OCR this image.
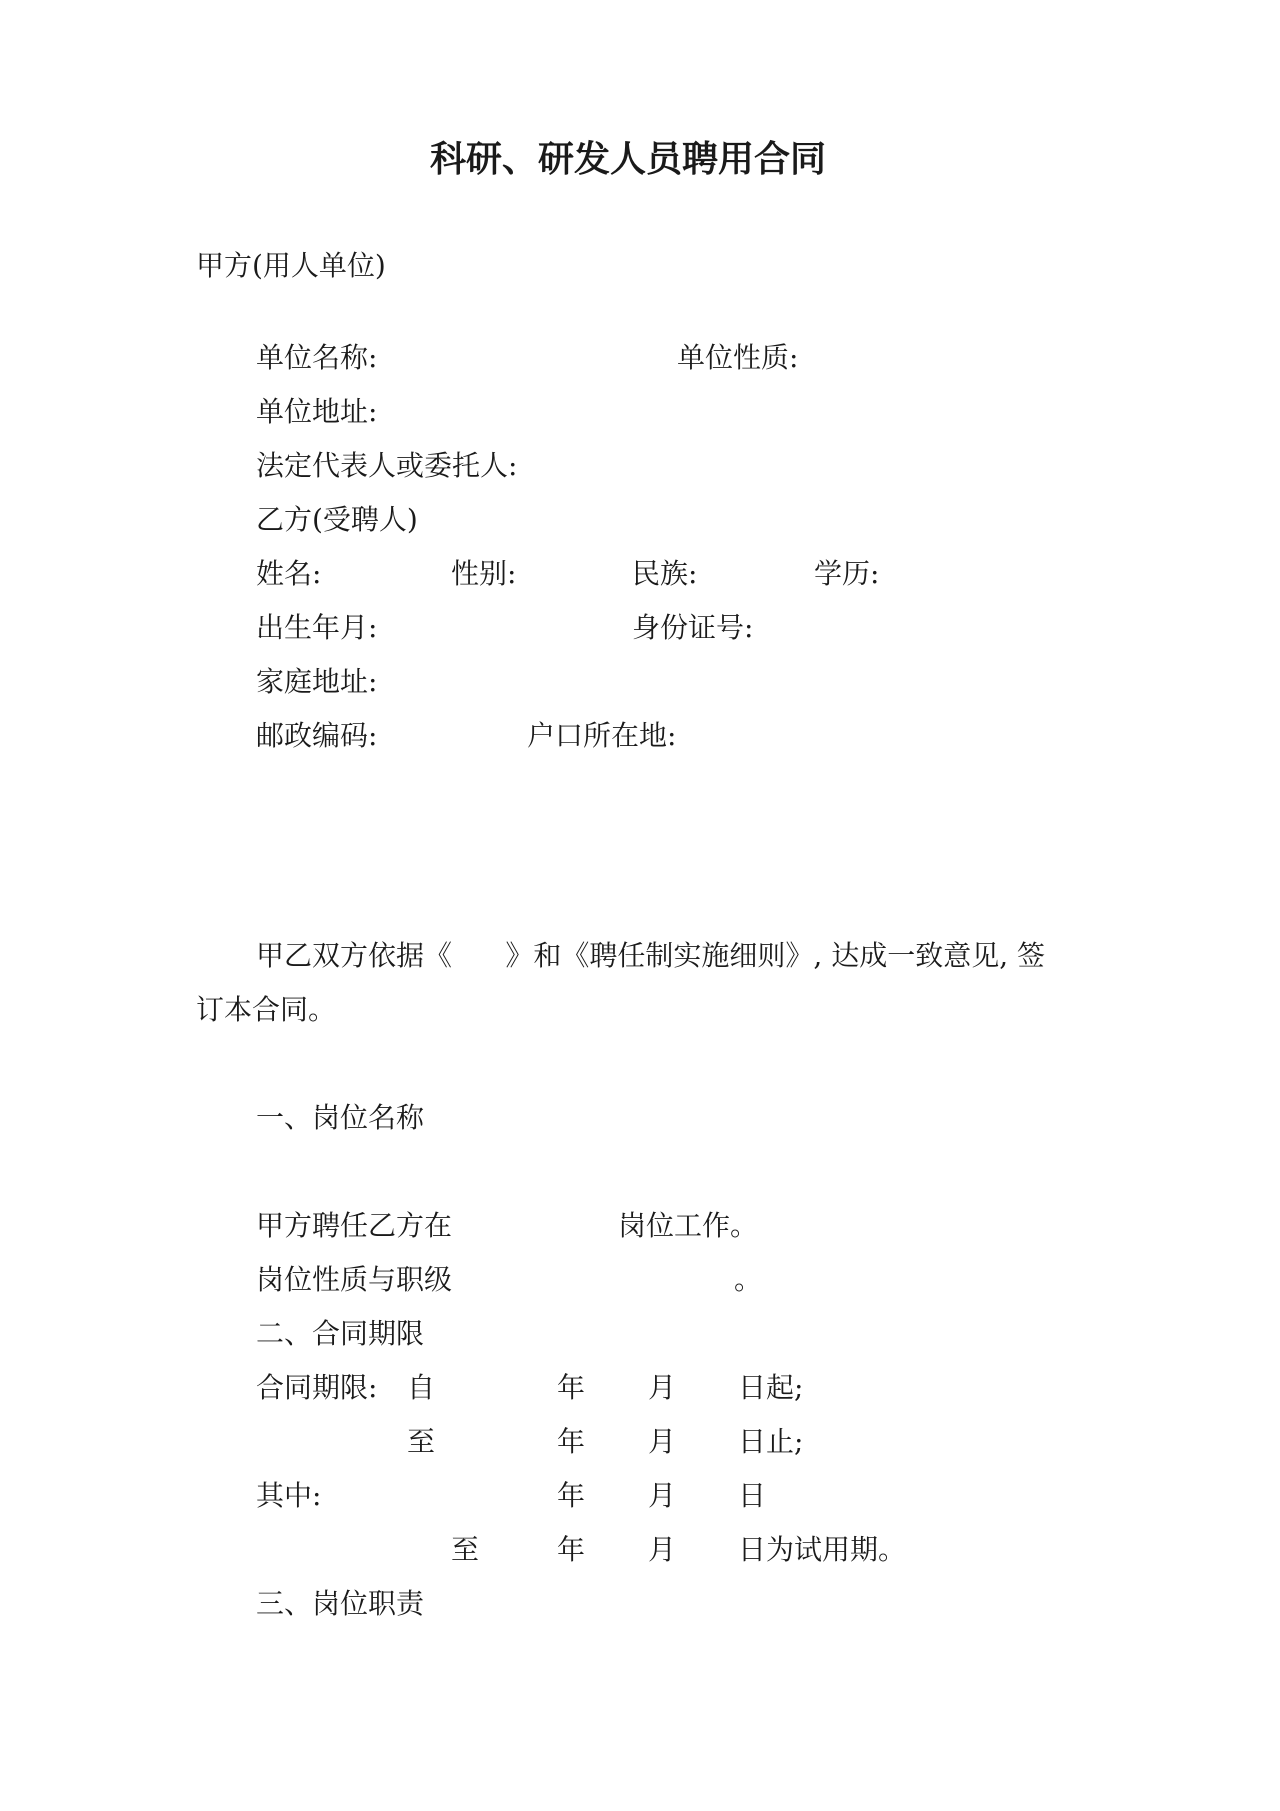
科研、研发人员聘用合同
甲方(用人单位)
单位名称:	单位性质:
单位地址:
法定代表人或委托人:
乙方(受聘人)
姓名:	性别:	民族:	学历:
出生年月:	身份证号:
家庭地址:
邮政编码:	户口所在地:
甲乙双方依据《      》和《聘任制实施细则》, 达成一致意见, 签
订本合同。
一、岗位名称
甲方聘任乙方在	岗位工作。
岗位性质与职级	。
二、合同期限
合同期限: 自	年 月 日起;
至	年 月 日止;
其中:	年 月 日
至	年 月 日为试用期。
三、岗位职责
